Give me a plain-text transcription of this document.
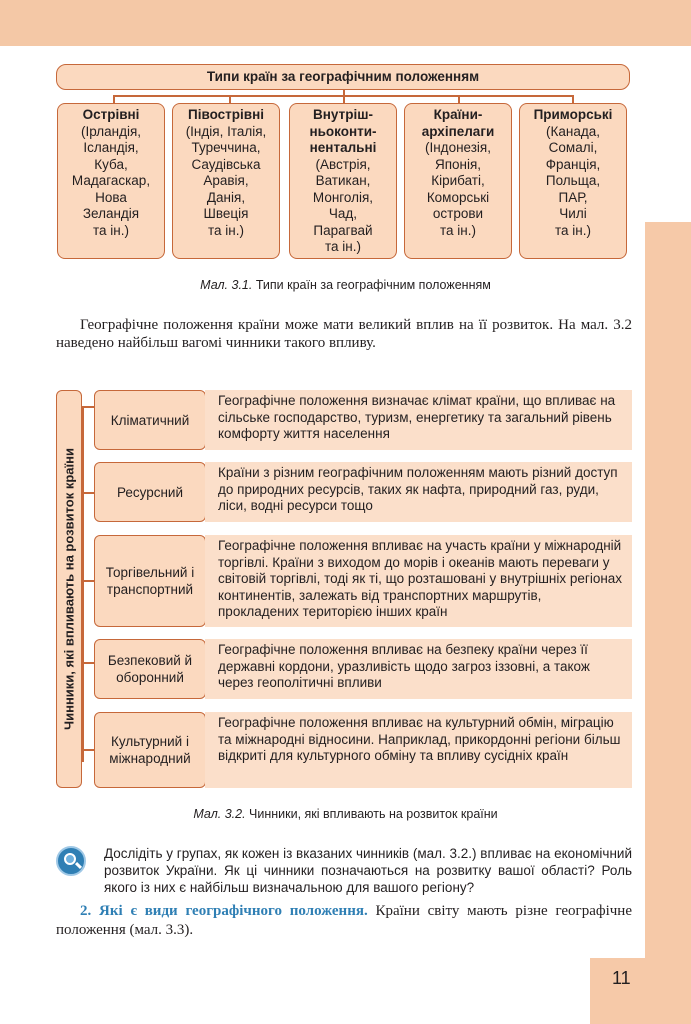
Типи країн за географічним положенням
Острівні
(Ірландія,
Ісландія,
Куба,
Мадагаскар,
Нова
Зеландія
та ін.)
Півострівні
(Індія, Італія,
Туреччина,
Саудівська
Аравія,
Данія,
Швеція
та ін.)
Внутріш-
ньоконти-
нентальні
(Австрія,
Ватикан,
Монголія,
Чад,
Парагвай
та ін.)
Країни-
архіпелаги
(Індонезія,
Японія,
Кірибаті,
Коморські
острови
та ін.)
Приморські
(Канада,
Сомалі,
Франція,
Польща,
ПАР,
Чилі
та ін.)
Мал. 3.1. Типи країн за географічним положенням
Географічне положення країни може мати великий вплив на її розвиток. На мал. 3.2 наведено найбільш вагомі чинники такого впливу.
Чинники, які впливають на розвиток країни
Кліматичний
Географічне положення визначає клімат країни, що впливає на сільське господарство, туризм, енергетику та загальний рівень комфорту життя населення
Ресурсний
Країни з різним географічним положенням мають різний доступ до природних ресурсів, таких як нафта, природний газ, руди, ліси, водні ресурси тощо
Торгівельний і транспортний
Географічне положення впливає на участь країни у міжнародній торгівлі. Країни з виходом до морів і океанів мають переваги у світовій торгівлі, тоді як ті, що розташовані у внутрішніх регіонах континентів, залежать від транспортних маршрутів, прокладених територією інших країн
Безпековий й оборонний
Географічне положення впливає на безпеку країни через її державні кордони, уразливість щодо загроз іззовні, а також через геополітичні впливи
Культурний і міжнародний
Географічне положення впливає на культурний обмін, міграцію та міжнародні відносини. Наприклад, прикордонні регіони більш відкриті для культурного обміну та впливу сусідніх країн
Мал. 3.2. Чинники, які впливають на розвиток країни
Дослідіть у групах, як кожен із вказаних чинників (мал. 3.2.) впливає на економічний розвиток України. Як ці чинники позначаються на розвитку вашої області? Роль якого із них є найбільш визначальною для вашого регіону?
2. Які є види географічного положення. Країни світу мають різне географічне положення (мал. 3.3).
11
